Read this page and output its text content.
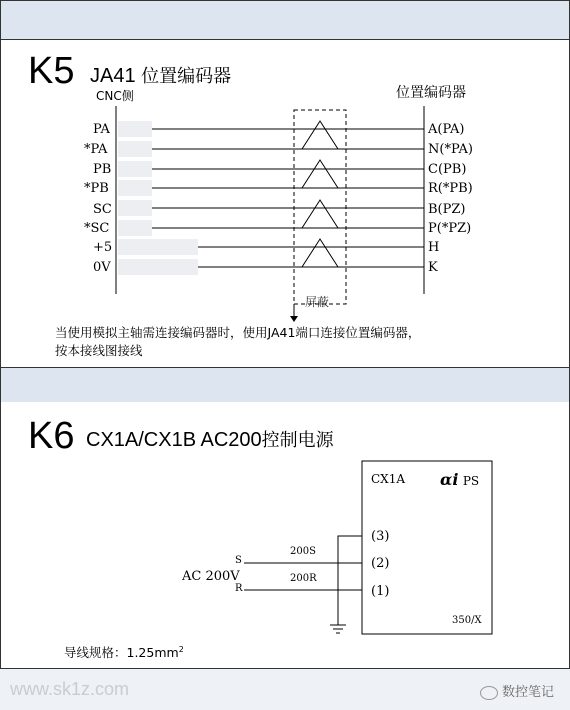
K5 JA41 位置编码器
CNC侧	位置编码器
PA	A(PA)
*PA	N(*PA)
PB	C(PB)
*PB	R(*PB)
SC	B(PZ)
*SC	P(*PZ)
+5	H
0V	K
屏蔽
当使用模拟主轴需连接编码器时，使用JA41端口连接位置编码器，
按本接线图接线
K6 CX1A/CX1B AC200控制电源
CX1A αi PS
(3)
(2)
(1)
350/X
AC 200V
S
R
200S
200R
导线规格：$1.25mm^2$
www.sk1z.com	数控笔记
